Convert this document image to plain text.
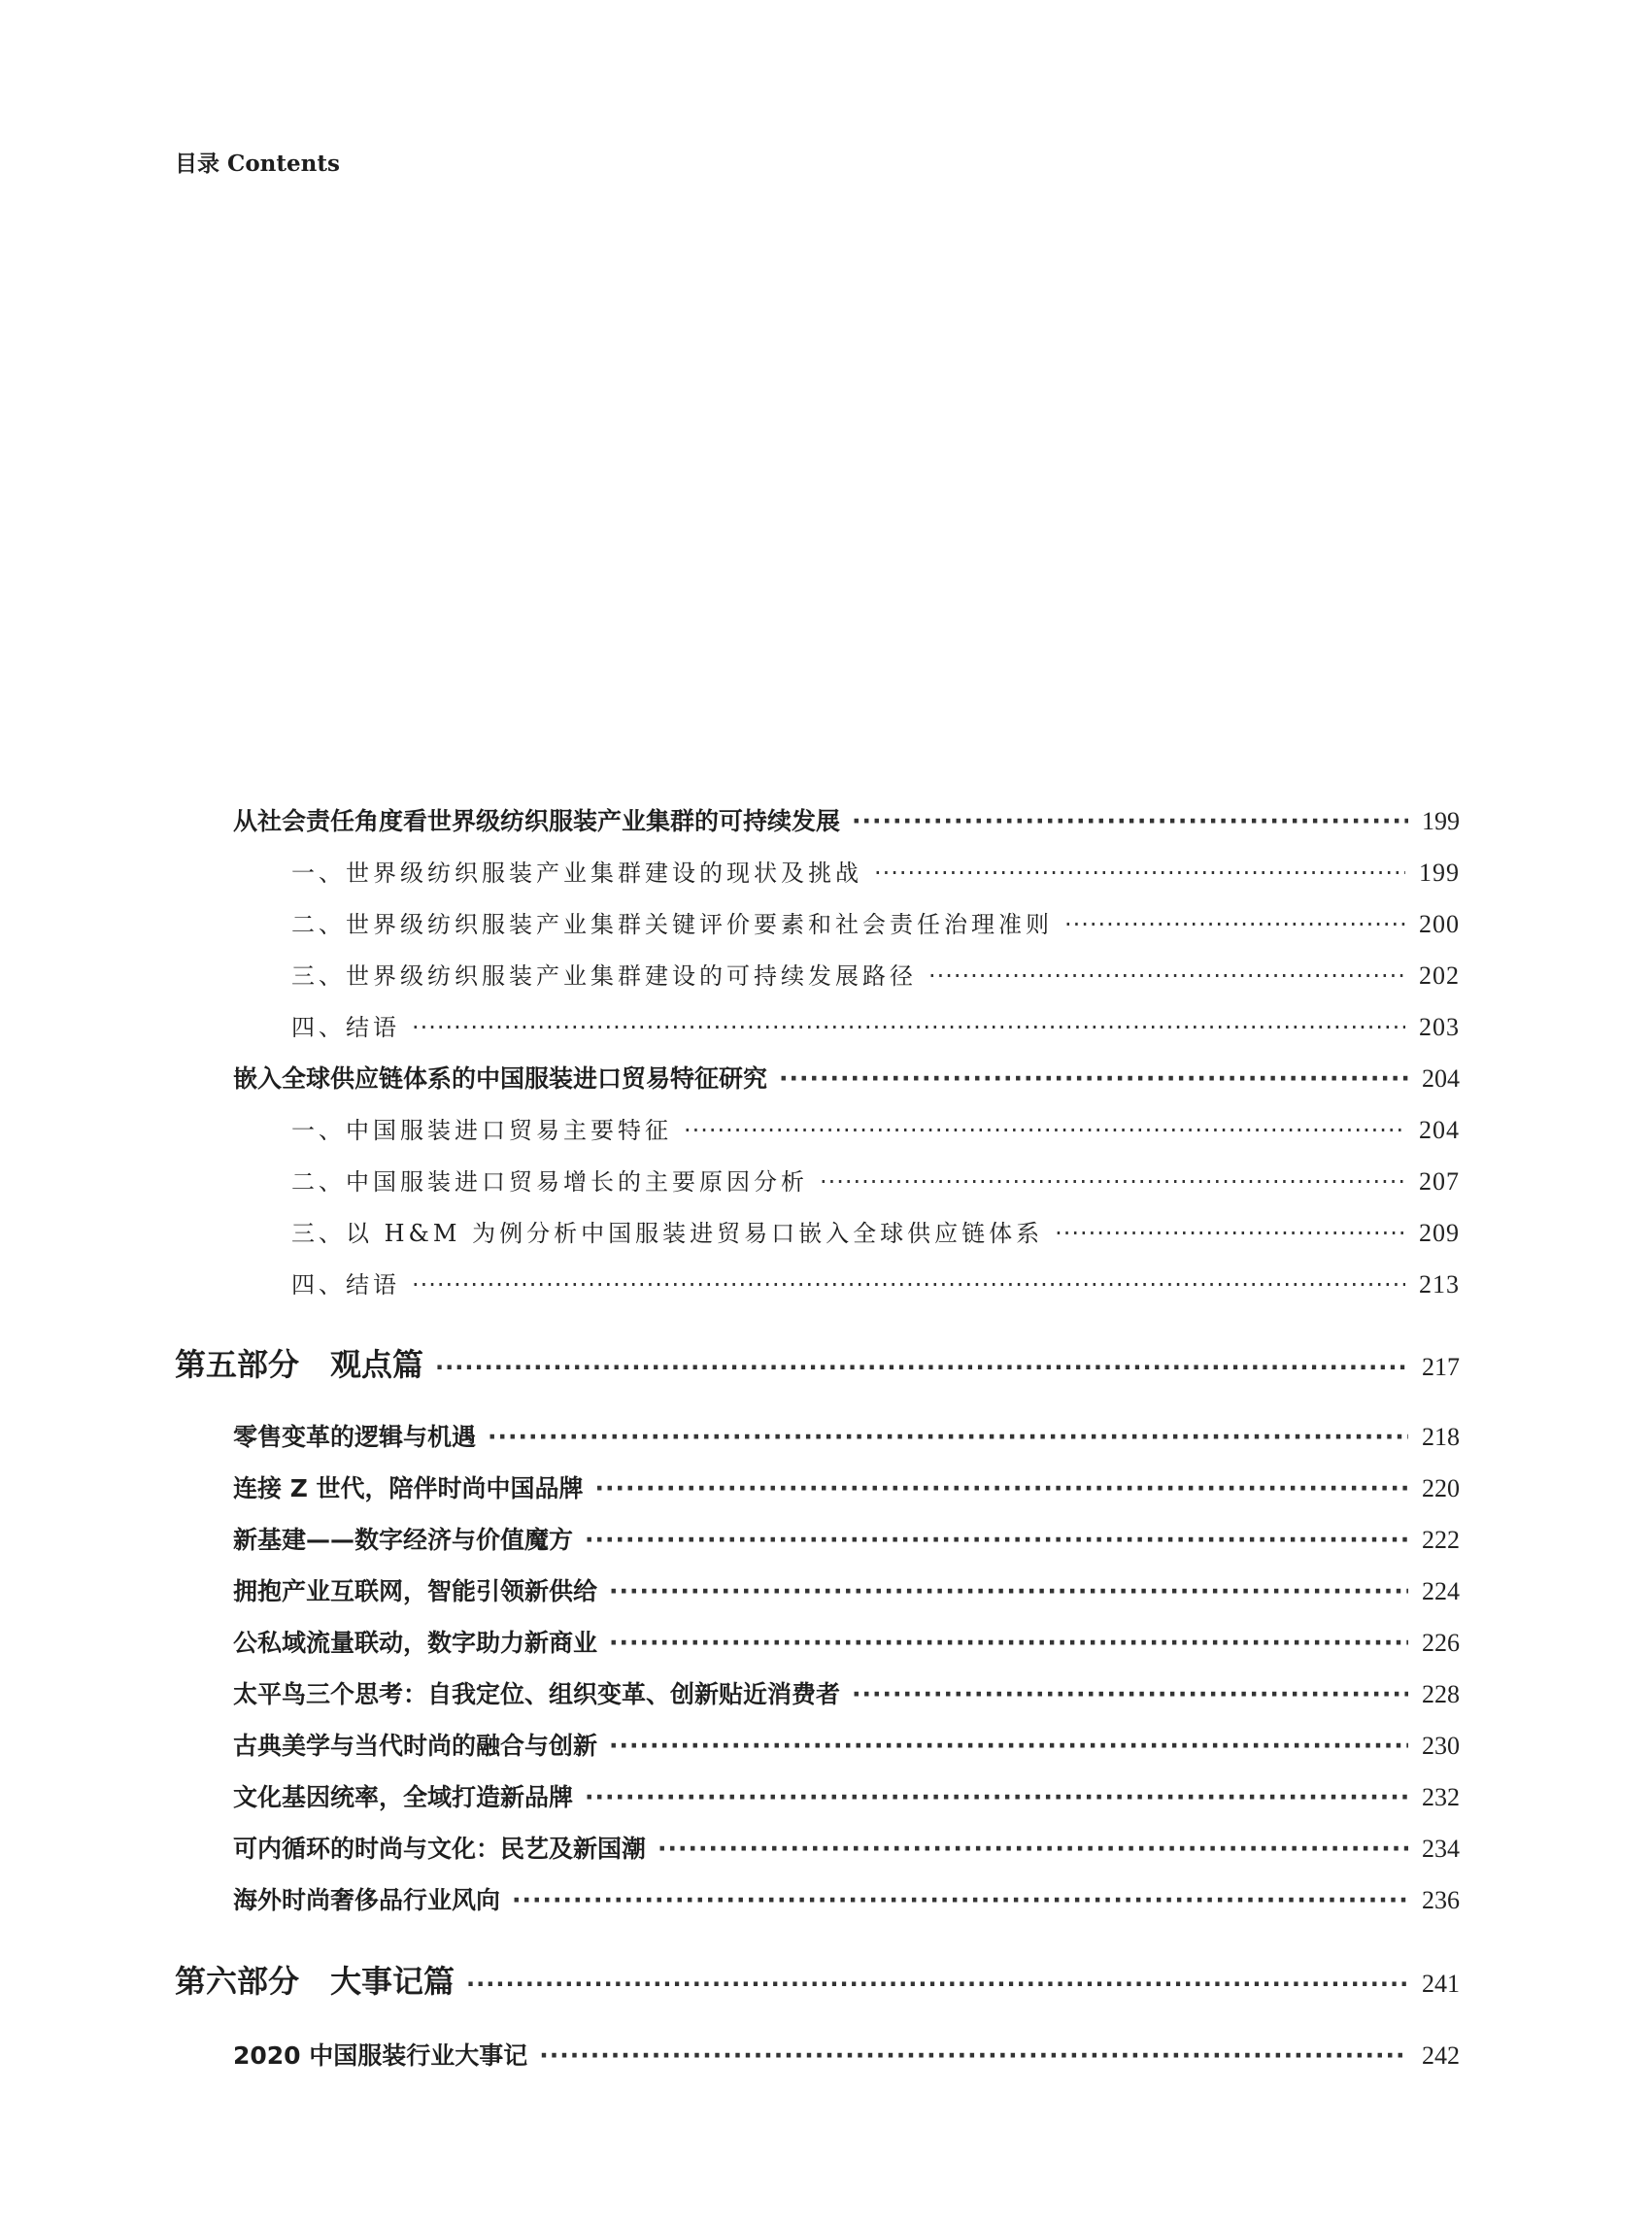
目录 Contents
从社会责任角度看世界级纺织服装产业集群的可持续发展 ·····	199
一、世界级纺织服装产业集群建设的现状及挑战 ·····	199
二、世界级纺织服装产业集群关键评价要素和社会责任治理准则 ·····	200
三、世界级纺织服装产业集群建设的可持续发展路径 ·····	202
四、结语 ·····	203
嵌入全球供应链体系的中国服装进口贸易特征研究 ·····	204
一、中国服装进口贸易主要特征 ·····	204
二、中国服装进口贸易增长的主要原因分析 ·····	207
三、以 H&M 为例分析中国服装进贸易口嵌入全球供应链体系 ·····	209
四、结语 ·····	213
第五部分　观点篇 ·····	217
零售变革的逻辑与机遇 ·····	218
连接 Z 世代，陪伴时尚中国品牌 ·····	220
新基建——数字经济与价值魔方 ·····	222
拥抱产业互联网，智能引领新供给 ·····	224
公私域流量联动，数字助力新商业 ·····	226
太平鸟三个思考：自我定位、组织变革、创新贴近消费者 ·····	228
古典美学与当代时尚的融合与创新 ·····	230
文化基因统率，全域打造新品牌 ·····	232
可内循环的时尚与文化：民艺及新国潮 ·····	234
海外时尚奢侈品行业风向 ·····	236
第六部分　大事记篇 ·····	241
2020 中国服装行业大事记 ·····	242
